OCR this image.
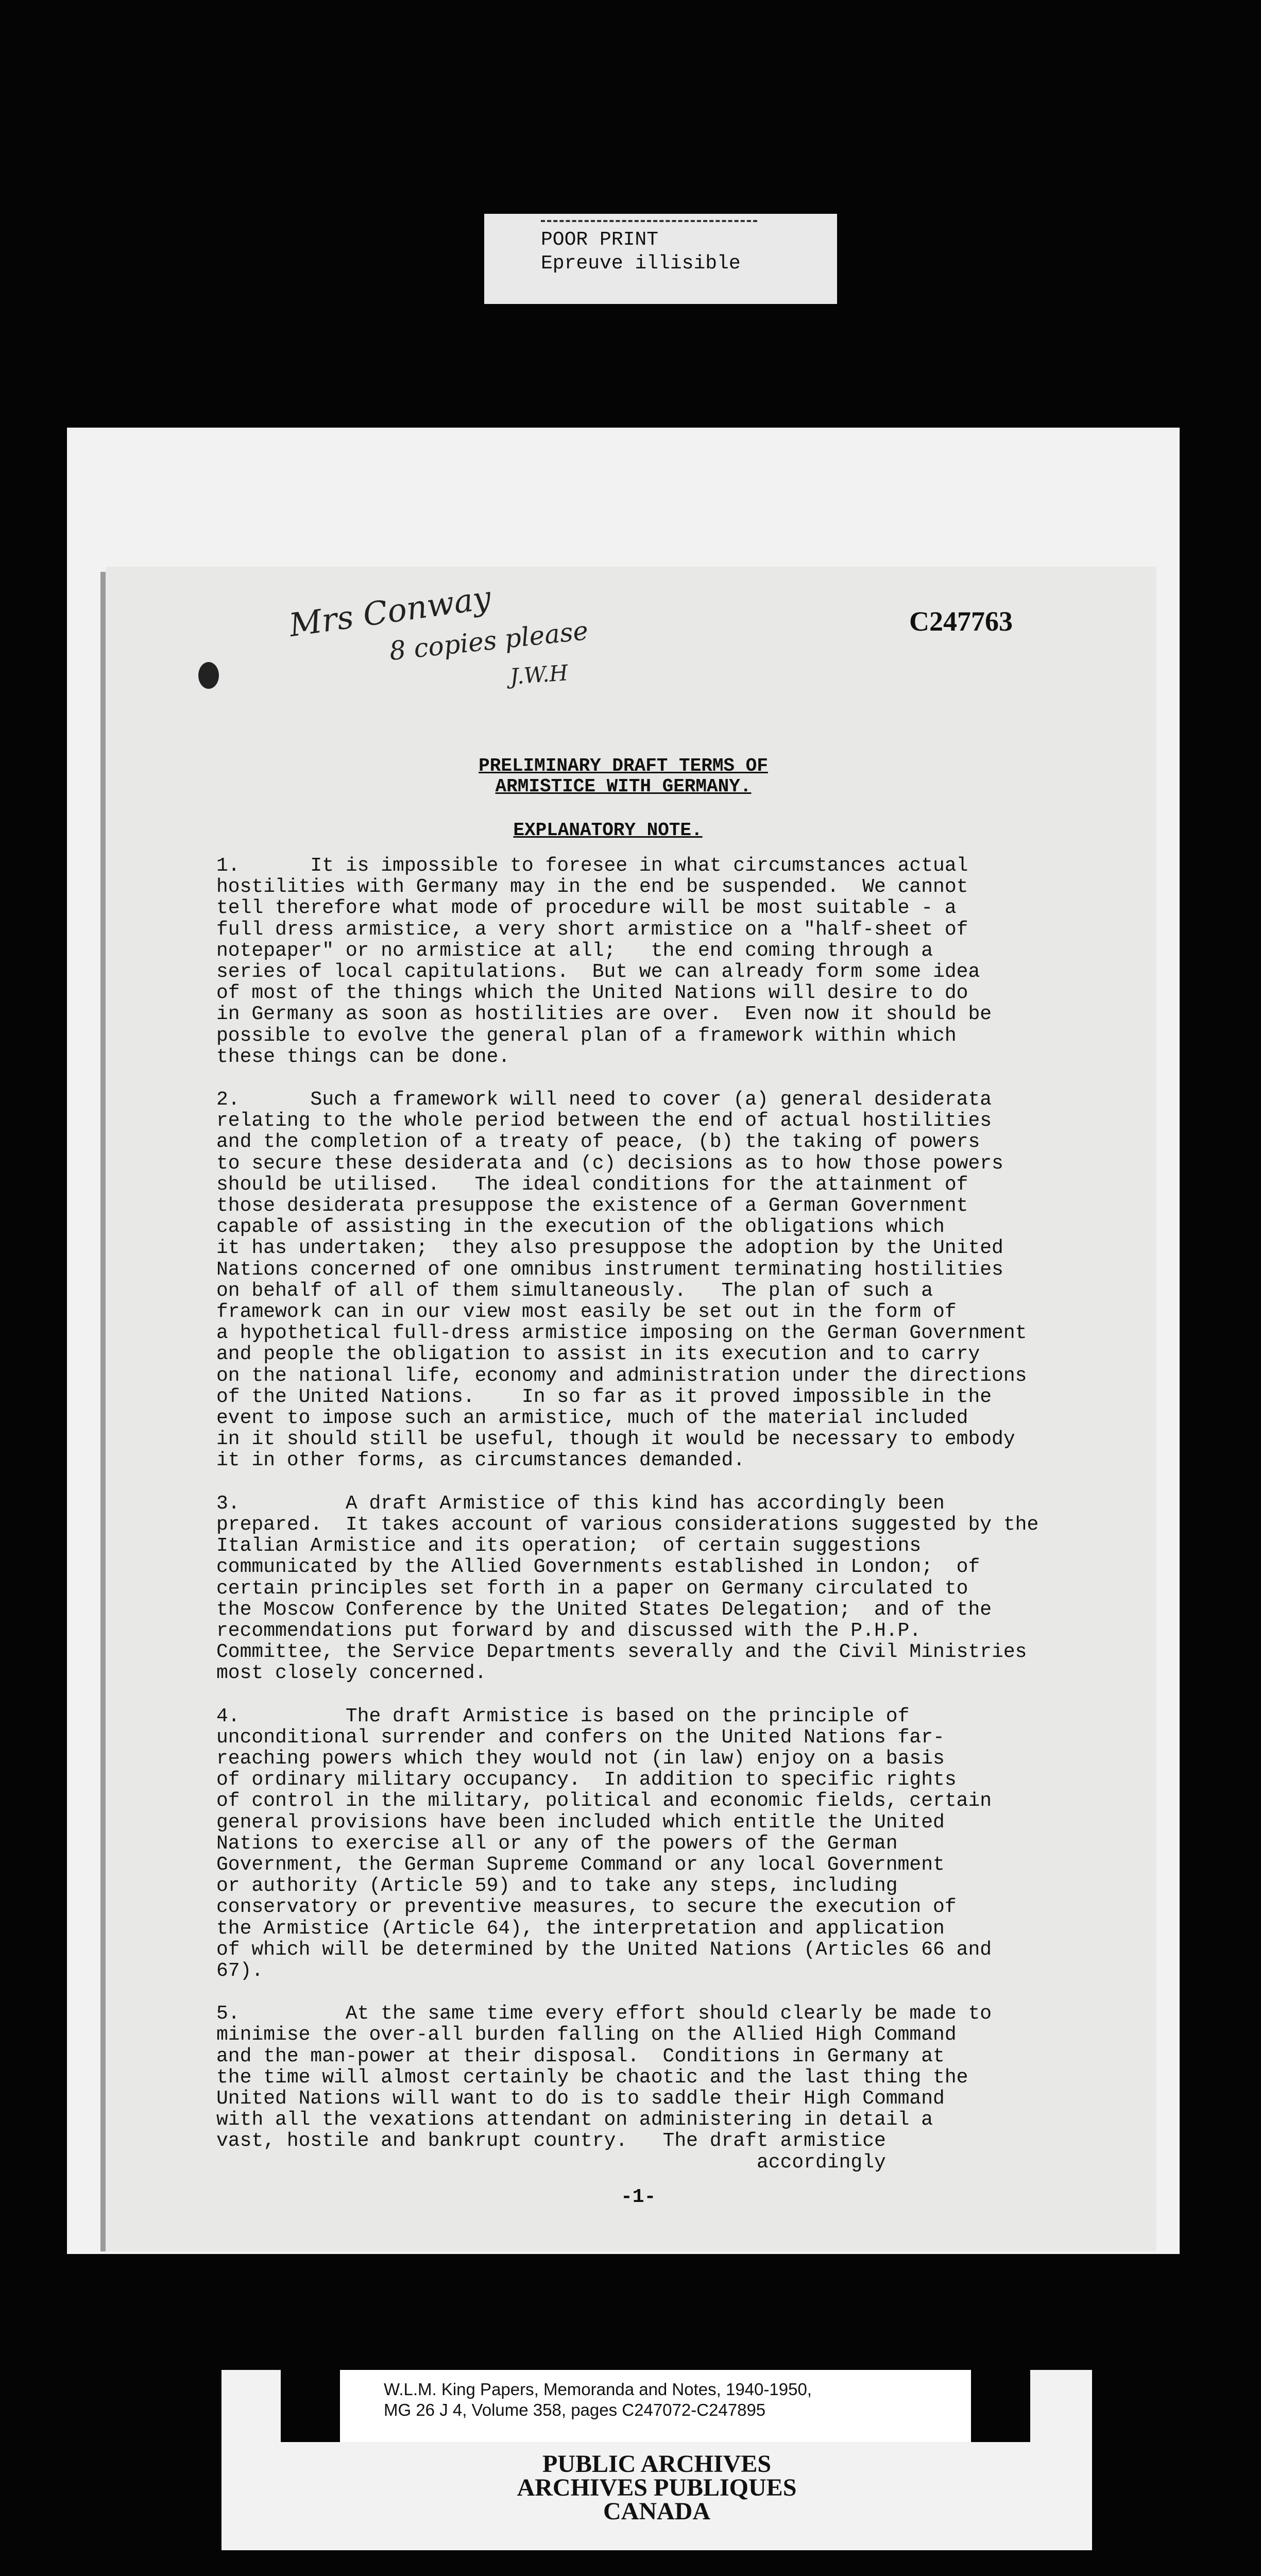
POOR PRINT
Epreuve illisible
C247763
Mrs Conway
8 copies please
J.W.H
PRELIMINARY DRAFT TERMS OF
ARMISTICE WITH GERMANY.
EXPLANATORY NOTE.
1.      It is impossible to foresee in what circumstances actual
hostilities with Germany may in the end be suspended.  We cannot
tell therefore what mode of procedure will be most suitable - a
full dress armistice, a very short armistice on a "half-sheet of
notepaper" or no armistice at all;   the end coming through a
series of local capitulations.  But we can already form some idea
of most of the things which the United Nations will desire to do
in Germany as soon as hostilities are over.  Even now it should be
possible to evolve the general plan of a framework within which
these things can be done.
2.      Such a framework will need to cover (a) general desiderata
relating to the whole period between the end of actual hostilities
and the completion of a treaty of peace, (b) the taking of powers
to secure these desiderata and (c) decisions as to how those powers
should be utilised.   The ideal conditions for the attainment of
those desiderata presuppose the existence of a German Government
capable of assisting in the execution of the obligations which
it has undertaken;  they also presuppose the adoption by the United
Nations concerned of one omnibus instrument terminating hostilities
on behalf of all of them simultaneously.   The plan of such a
framework can in our view most easily be set out in the form of
a hypothetical full-dress armistice imposing on the German Government
and people the obligation to assist in its execution and to carry
on the national life, economy and administration under the directions
of the United Nations.    In so far as it proved impossible in the
event to impose such an armistice, much of the material included
in it should still be useful, though it would be necessary to embody
it in other forms, as circumstances demanded.
3.         A draft Armistice of this kind has accordingly been
prepared.  It takes account of various considerations suggested by the
Italian Armistice and its operation;  of certain suggestions
communicated by the Allied Governments established in London;  of
certain principles set forth in a paper on Germany circulated to
the Moscow Conference by the United States Delegation;  and of the
recommendations put forward by and discussed with the P.H.P.
Committee, the Service Departments severally and the Civil Ministries
most closely concerned.
4.         The draft Armistice is based on the principle of
unconditional surrender and confers on the United Nations far-
reaching powers which they would not (in law) enjoy on a basis
of ordinary military occupancy.  In addition to specific rights
of control in the military, political and economic fields, certain
general provisions have been included which entitle the United
Nations to exercise all or any of the powers of the German
Government, the German Supreme Command or any local Government
or authority (Article 59) and to take any steps, including
conservatory or preventive measures, to secure the execution of
the Armistice (Article 64), the interpretation and application
of which will be determined by the United Nations (Articles 66 and
67).
5.         At the same time every effort should clearly be made to
minimise the over-all burden falling on the Allied High Command
and the man-power at their disposal.  Conditions in Germany at
the time will almost certainly be chaotic and the last thing the
United Nations will want to do is to saddle their High Command
with all the vexations attendant on administering in detail a
vast, hostile and bankrupt country.   The draft armistice
accordingly
-1-
W.L.M. King Papers, Memoranda and Notes, 1940-1950,
MG 26 J 4, Volume 358, pages C247072-C247895
PUBLIC ARCHIVES
ARCHIVES PUBLIQUES
CANADA
